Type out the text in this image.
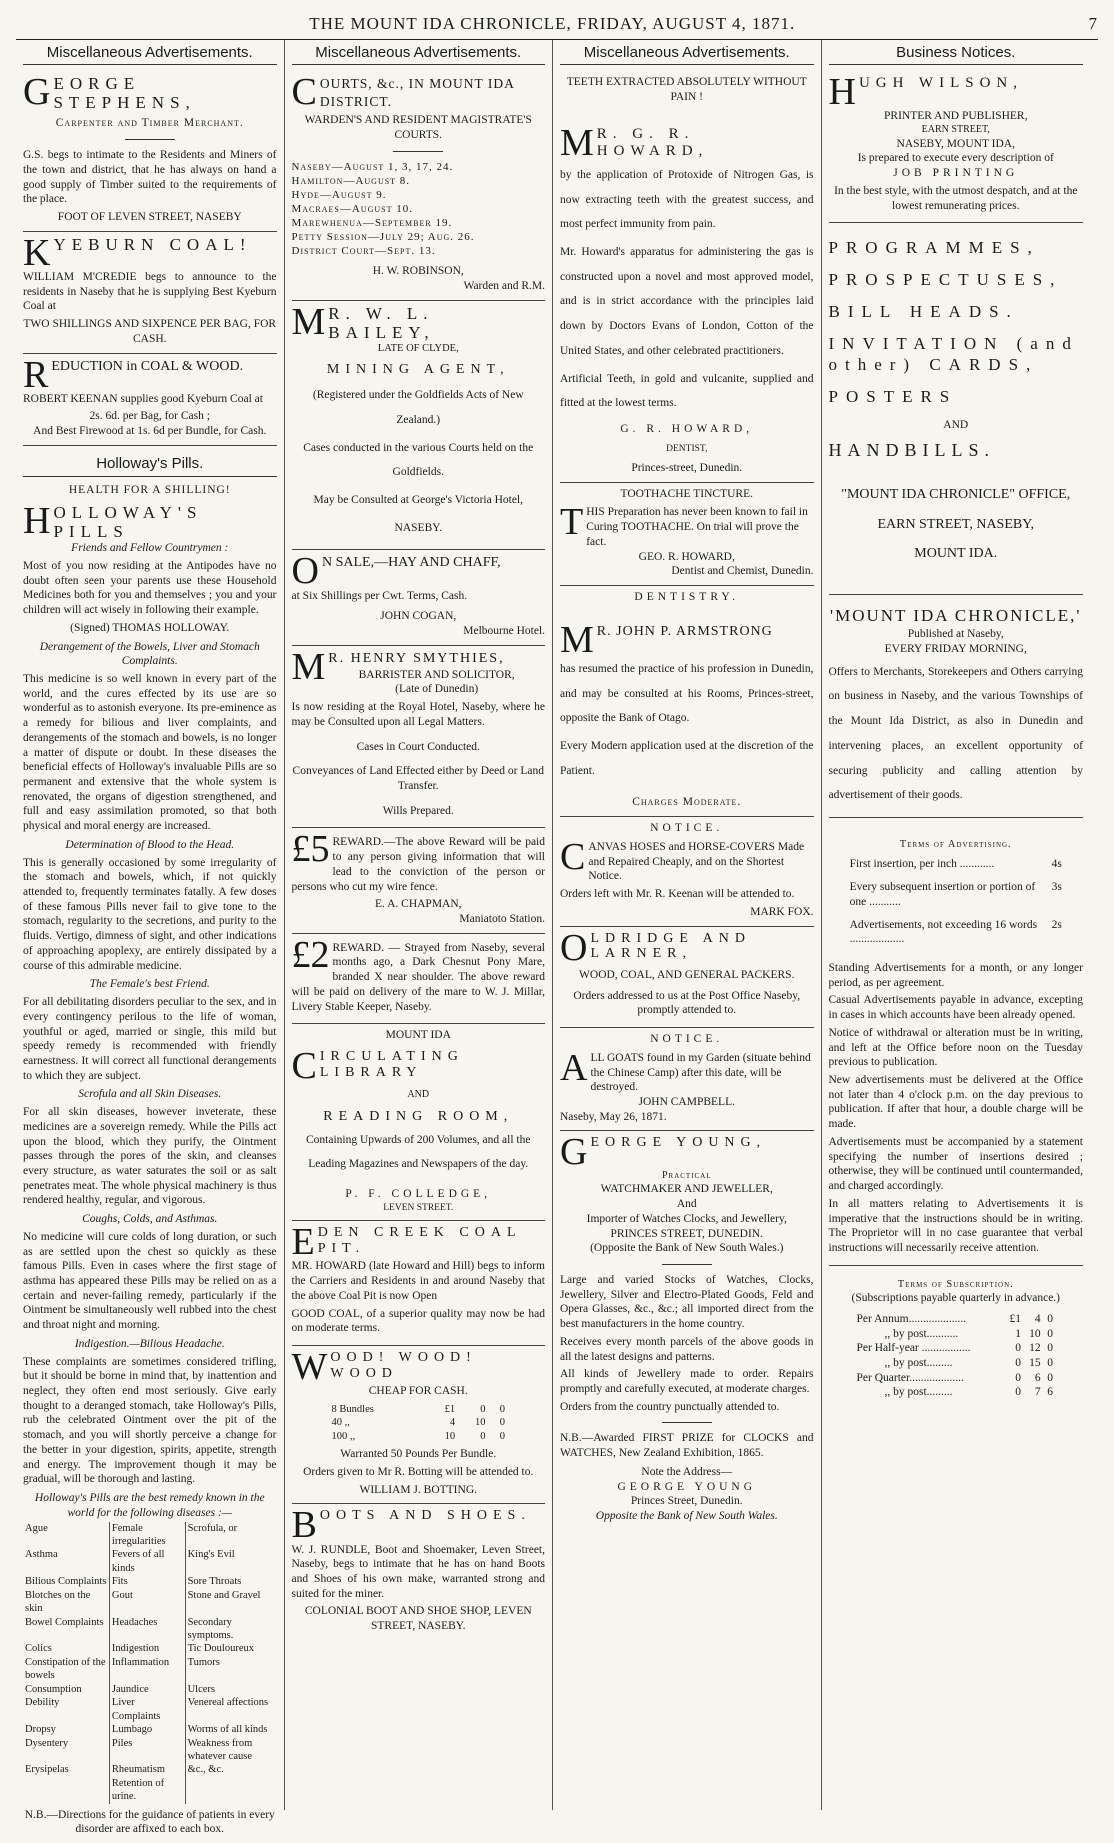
THE MOUNT IDA CHRONICLE, FRIDAY, AUGUST 4, 1871.	7
Miscellaneous Advertisements.
GEORGE STEPHENS,
Carpenter and Timber Merchant.

G.S. begs to intimate to the Residents and Miners of the town and district, that he has always on hand a good supply of Timber suited to the requirements of the place.

FOOT OF LEVEN STREET, NASEBY
KYEBURN COAL!

WILLIAM M'CREDIE begs to announce to the residents in Naseby that he is supplying Best Kyeburn Coal at

TWO SHILLINGS AND SIXPENCE PER BAG, FOR CASH.
REDUCTION in COAL & WOOD.

ROBERT KEENAN supplies good Kyeburn Coal at

2s. 6d. per Bag, for Cash ;
And Best Firewood at 1s. 6d per Bundle, for Cash.
Holloway's Pills.
HEALTH FOR A SHILLING!
HOLLOWAY'S PILLS
Friends and Fellow Countrymen :

Most of you now residing at the Antipodes have no doubt often seen your parents use these Household Medicines both for you and themselves ; you and your children will act wisely in following their example.

(Signed) THOMAS HOLLOWAY.
Derangement of the Bowels, Liver and Stomach Complaints.

This medicine is so well known in every part of the world, and the cures effected by its use are so wonderful as to astonish everyone. Its pre-eminence as a remedy for bilious and liver complaints, and derangements of the stomach and bowels, is no longer a matter of dispute or doubt. In these diseases the beneficial effects of Holloway's invaluable Pills are so permanent and extensive that the whole system is renovated, the organs of digestion strengthened, and full and easy assimilation promoted, so that both physical and moral energy are increased.

Determination of Blood to the Head.

This is generally occasioned by some irregularity of the stomach and bowels, which, if not quickly attended to, frequently terminates fatally. A few doses of these famous Pills never fail to give tone to the stomach, regularity to the secretions, and purity to the fluids. Vertigo, dimness of sight, and other indications of approaching apoplexy, are entirely dissipated by a course of this admirable medicine.

The Female's best Friend.

For all debilitating disorders peculiar to the sex, and in every contingency perilous to the life of woman, youthful or aged, married or single, this mild but speedy remedy is recommended with friendly earnestness. It will correct all functional derangements to which they are subject.

Scrofula and all Skin Diseases.

For all skin diseases, however inveterate, these medicines are a sovereign remedy. While the Pills act upon the blood, which they purify, the Ointment passes through the pores of the skin, and cleanses every structure, as water saturates the soil or as salt penetrates meat. The whole physical machinery is thus rendered healthy, regular, and vigorous.

Coughs, Colds, and Asthmas.

No medicine will cure colds of long duration, or such as are settled upon the chest so quickly as these famous Pills. Even in cases where the first stage of asthma has appeared these Pills may be relied on as a certain and never-failing remedy, particularly if the Ointment be simultaneously well rubbed into the chest and throat night and morning.

Indigestion.—Bilious Headache.

These complaints are sometimes considered trifling, but it should be borne in mind that, by inattention and neglect, they often end most seriously. Give early thought to a deranged stomach, take Holloway's Pills, rub the celebrated Ointment over the pit of the stomach, and you will shortly perceive a change for the better in your digestion, spirits, appetite, strength and energy. The improvement though it may be gradual, will be thorough and lasting.

Holloway's Pills are the best remedy known in the world for the following diseases :—
Ague	Female irregularities	Scrofula, or
Asthma	Fevers of all kinds	King's Evil
Bilious Complaints	Fits	Sore Throats
Blotches on the skin	Gout	Stone and Gravel
Bowel Complaints	Headaches	Secondary symptoms.
Colics	Indigestion	Tic Douloureux
Constipation of the bowels	Inflammation	Tumors
Consumption	Jaundice	Ulcers
Debility	Liver Complaints	Venereal affections
Dropsy	Lumbago	Worms of all kinds
Dysentery	Piles	Weakness from whatever cause
Erysipelas	Rheumatism	&c., &c.
	Retention of urine.	
N.B.—Directions for the guidance of patients in every disorder are affixed to each box.
Miscellaneous Advertisements.
COURTS, &c., IN MOUNT IDA DISTRICT.
WARDEN'S AND RESIDENT MAGISTRATE'S COURTS.
Naseby—August 1, 3, 17, 24.
Hamilton—August 8.
Hyde—August 9.
Macraes—August 10.
Marewhenua—September 19.
Petty Session—July 29; Aug. 26.
District Court—Sept. 13.
H. W. ROBINSON,
Warden and R.M.
M R. W. L. BAILEY,
LATE OF CLYDE,
MINING AGENT,

(Registered under the Goldfields Acts of New Zealand.)

Cases conducted in the various Courts held on the Goldfields.

May be Consulted at George's Victoria Hotel,

NASEBY.

O N SALE,—HAY AND CHAFF,

at Six Shillings per Cwt. Terms, Cash.

JOHN COGAN,
Melbourne Hotel.
M R. HENRY SMYTHIES,
BARRISTER AND SOLICITOR,
(Late of Dunedin)

Is now residing at the Royal Hotel, Naseby, where he may be Consulted upon all Legal Matters.

Cases in Court Conducted.

Conveyances of Land Effected either by Deed or Land Transfer.

Wills Prepared.

£5 REWARD.—The above Reward will be paid to any person giving information that will lead to the conviction of the person or persons who cut my wire fence.

E. A. CHAPMAN,
Maniatoto Station.
£2 REWARD. — Strayed from Naseby, several months ago, a Dark Chesnut Pony Mare, branded X near shoulder. The above reward will be paid on delivery of the mare to W. J. Millar, Livery Stable Keeper, Naseby.

MOUNT IDA
CIRCULATING LIBRARY
AND
READING ROOM,

Containing Upwards of 200 Volumes, and all the Leading Magazines and Newspapers of the day.

P. F. COLLEDGE,
LEVEN STREET.
EDEN CREEK COAL PIT.

MR. HOWARD (late Howard and Hill) begs to inform the Carriers and Residents in and around Naseby that the above Coal Pit is now Open

GOOD COAL, of a superior quality may now be had on moderate terms.

WOOD! WOOD! WOOD
CHEAP FOR CASH.
8 Bundles	£1	0	0
40 ,,	4	10	0
100 ,,	10	0	0
Warranted 50 Pounds Per Bundle.

Orders given to Mr R. Botting will be attended to.

WILLIAM J. BOTTING.
BOOTS AND SHOES.

W. J. RUNDLE, Boot and Shoemaker, Leven Street, Naseby, begs to intimate that he has on hand Boots and Shoes of his own make, warranted strong and suited for the miner.

COLONIAL BOOT AND SHOE SHOP, LEVEN STREET, NASEBY.
Miscellaneous Advertisements.
TEETH EXTRACTED ABSOLUTELY WITHOUT PAIN !
M R. G. R. HOWARD,

by the application of Protoxide of Nitrogen Gas, is now extracting teeth with the greatest success, and most perfect immunity from pain.

Mr. Howard's apparatus for administering the gas is constructed upon a novel and most approved model, and is in strict accordance with the principles laid down by Doctors Evans of London, Cotton of the United States, and other celebrated practitioners.

Artificial Teeth, in gold and vulcanite, supplied and fitted at the lowest terms.

G. R. HOWARD,
DENTIST,
Princes-street, Dunedin.
TOOTHACHE TINCTURE.
THIS Preparation has never been known to fail in Curing TOOTHACHE. On trial will prove the fact.
GEO. R. HOWARD,
Dentist and Chemist, Dunedin.
DENTISTRY.
M R. JOHN P. ARMSTRONG

has resumed the practice of his profession in Dunedin, and may be consulted at his Rooms, Princes-street, opposite the Bank of Otago.

Every Modern application used at the discretion of the Patient.

Charges Moderate.
NOTICE.
CANVAS HOSES and HORSE-COVERS Made and Repaired Cheaply, and on the Shortest Notice.

Orders left with Mr. R. Keenan will be attended to.

MARK FOX.
OLDRIDGE AND LARNER,
WOOD, COAL, AND GENERAL PACKERS.

Orders addressed to us at the Post Office Naseby, promptly attended to.

NOTICE.
ALL GOATS found in my Garden (situate behind the Chinese Camp) after this date, will be destroyed.
JOHN CAMPBELL.
Naseby, May 26, 1871.
GEORGE YOUNG,
Practical
WATCHMAKER AND JEWELLER,
And
Importer of Watches Clocks, and Jewellery,
PRINCES STREET, DUNEDIN.
(Opposite the Bank of New South Wales.)

Large and varied Stocks of Watches, Clocks, Jewellery, Silver and Electro-Plated Goods, Feld and Opera Glasses, &c., &c.; all imported direct from the best manufacturers in the home country.

Receives every month parcels of the above goods in all the latest designs and patterns.

All kinds of Jewellery made to order. Repairs promptly and carefully executed, at moderate charges.

Orders from the country punctually attended to.

N.B.—Awarded FIRST PRIZE for CLOCKS and WATCHES, New Zealand Exhibition, 1865.

Note the Address—
GEORGE YOUNG
Princes Street, Dunedin.
Opposite the Bank of New South Wales.
Business Notices.
HUGH WILSON,
PRINTER AND PUBLISHER,
EARN STREET,
NASEBY, MOUNT IDA,
Is prepared to execute every description of
JOB PRINTING

In the best style, with the utmost despatch, and at the lowest remunerating prices.

PROGRAMMES,
PROSPECTUSES,
BILL HEADS.
INVITATION (and other) CARDS,
POSTERS
AND
HANDBILLS.
"MOUNT IDA CHRONICLE" OFFICE,
EARN STREET, NASEBY,
MOUNT IDA.
'MOUNT IDA CHRONICLE,'
Published at Naseby,
EVERY FRIDAY MORNING,

Offers to Merchants, Storekeepers and Others carrying on business in Naseby, and the various Townships of the Mount Ida District, as also in Dunedin and intervening places, an excellent opportunity of securing publicity and calling attention by advertisement of their goods.

Terms of Advertising.
First insertion, per inch ............	4s
Every subsequent insertion or portion of one ...........	3s
Advertisements, not exceeding 16 words ...................	2s

Standing Advertisements for a month, or any longer period, as per agreement.

Casual Advertisements payable in advance, excepting in cases in which accounts have been already opened.

Notice of withdrawal or alteration must be in writing, and left at the Office before noon on the Tuesday previous to publication.

New advertisements must be delivered at the Office not later than 4 o'clock p.m. on the day previous to publication. If after that hour, a double charge will be made.

Advertisements must be accompanied by a statement specifying the number of insertions desired ; otherwise, they will be continued until countermanded, and charged accordingly.

In all matters relating to Advertisements it is imperative that the instructions should be in writing. The Proprietor will in no case guarantee that verbal instructions will necessarily receive attention.

Terms of Subscription.
(Subscriptions payable quarterly in advance.)
Per Annum....................	£1	4	0
,, by post...........	1	10	0
Per Half-year .................	0	12	0
,, by post.........	0	15	0
Per Quarter...................	0	6	0
,, by post.........	0	7	6
